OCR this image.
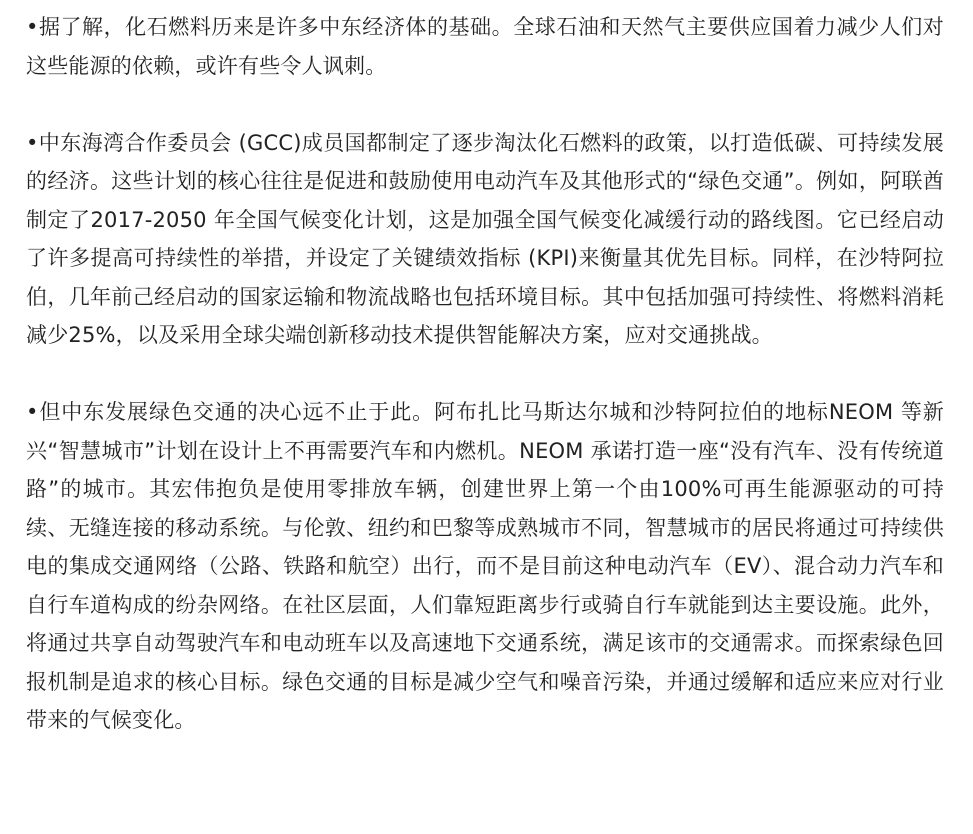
•据了解，化石燃料历来是许多中东经济体的基础。全球石油和天然气主要供应国着力减少人们对这些能源的依赖，或许有些令人讽刺。

•中东海湾合作委员会 (GCC)成员国都制定了逐步淘汰化石燃料的政策，以打造低碳、可持续发展的经济。这些计划的核心往往是促进和鼓励使用电动汽车及其他形式的“绿色交通”。例如，阿联酋制定了2017-2050 年全国气候变化计划，这是加强全国气候变化减缓行动的路线图。它已经启动了许多提高可持续性的举措，并设定了关键绩效指标 (KPI)来衡量其优先目标。同样，在沙特阿拉伯，几年前己经启动的国家运输和物流战略也包括环境目标。其中包括加强可持续性、将燃料消耗减少25%，以及采用全球尖端创新移动技术提供智能解决方案，应对交通挑战。

•但中东发展绿色交通的决心远不止于此。阿布扎比马斯达尔城和沙特阿拉伯的地标NEOM 等新兴“智慧城市”计划在设计上不再需要汽车和内燃机。NEOM 承诺打造一座“没有汽车、没有传统道路”的城市。其宏伟抱负是使用零排放车辆，创建世界上第一个由100%可再生能源驱动的可持续、无缝连接的移动系统。与伦敦、纽约和巴黎等成熟城市不同，智慧城市的居民将通过可持续供电的集成交通网络（公路、铁路和航空）出行，而不是目前这种电动汽车（EV）、混合动力汽车和自行车道构成的纷杂网络。在社区层面，人们靠短距离步行或骑自行车就能到达主要设施。此外，将通过共享自动驾驶汽车和电动班车以及高速地下交通系统，满足该市的交通需求。而探索绿色回报机制是追求的核心目标。绿色交通的目标是减少空气和噪音污染，并通过缓解和适应来应对行业带来的气候变化。
